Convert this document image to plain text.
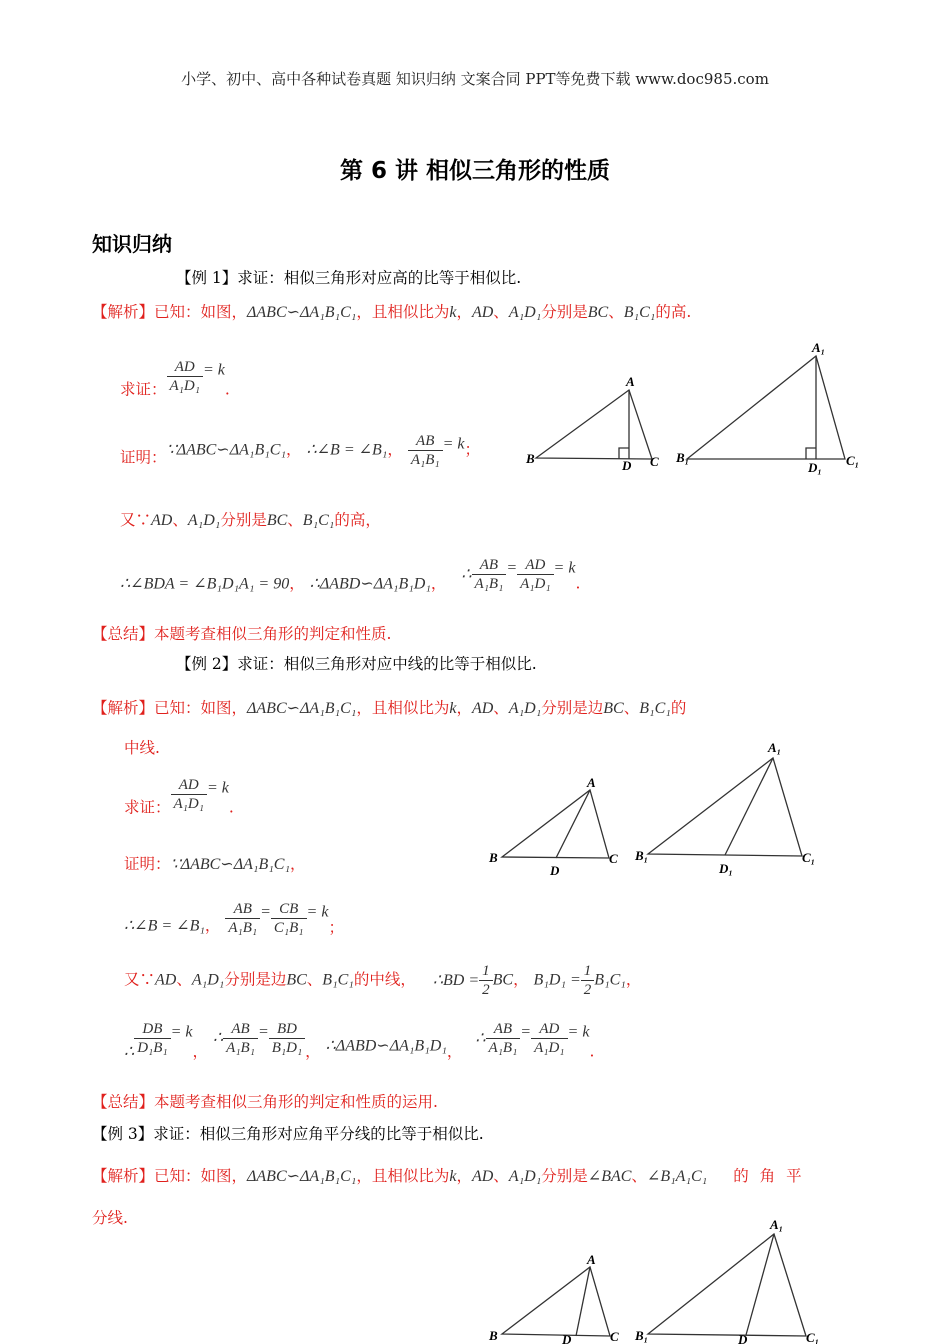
小学、初中、高中各种试卷真题 知识归纳 文案合同 PPT等免费下载 www.doc985.com
第 6 讲 相似三角形的性质
知识归纳
【例 1】求证：相似三角形对应高的比等于相似比.
【解析】已知：如图，ΔABC∽ΔA₁B₁C₁，且相似比为k，AD、A₁D₁分别是BC、B₁C₁的高.
求证： $\frac{AD}{\text{A₁D₁}} = k$.
证明：∵ΔABC∽ΔA₁B₁C₁， ∴∠B = ∠B₁， $\frac{AB}{\text{A₁B₁}} = k$；
又∵AD、A₁D₁分别是BC、B₁C₁的高，
∴∠BDA = ∠B₁D₁A₁ = 90， ∴ΔABD∽ΔA₁B₁D₁， ∴ $\frac{AB}{\text{A₁B₁}} = \frac{AD}{\text{A₁D₁}} = k$.
【总结】本题考查相似三角形的判定和性质.
A
B	C
D
A₁
B₁	C₁
D₁
【例 2】求证：相似三角形对应中线的比等于相似比.
【解析】已知：如图，ΔABC∽ΔA₁B₁C₁，且相似比为k，AD、A₁D₁分别是边BC、B₁C₁的
中线.
求证： $\frac{AD}{\text{A₁D₁}} = k$.
证明：∵ΔABC∽ΔA₁B₁C₁，
∴∠B = ∠B₁， $\frac{AB}{\text{A₁B₁}} = \frac{CB}{\text{C₁B₁}} = k$；
又∵AD、A₁D₁分别是边BC、B₁C₁的中线， ∴BD = $\frac{1}{2}$ BC， $B_1D_1 = \frac{1}{2} B_1C_1$，
∴ $\frac{DB}{\text{D₁B₁}} = k$， ∴ $\frac{AB}{\text{A₁B₁}} = \frac{BD}{\text{B₁D₁}}$ ， ∴ΔABD∽ΔA₁B₁D₁， ∴ $\frac{AB}{\text{A₁B₁}} = \frac{AD}{\text{A₁D₁}} = k$.
【总结】本题考查相似三角形的判定和性质的运用.
A
B	C
D
A₁
B₁	C₁
D₁
【例 3】求证：相似三角形对应角平分线的比等于相似比.
【解析】已知：如图，ΔABC∽ΔA₁B₁C₁，且相似比为k，AD、A₁D₁分别是∠BAC、∠B₁A₁C₁ 的 角 平
分线.
A
B	C
D
A₁
B₁	C₁
D
